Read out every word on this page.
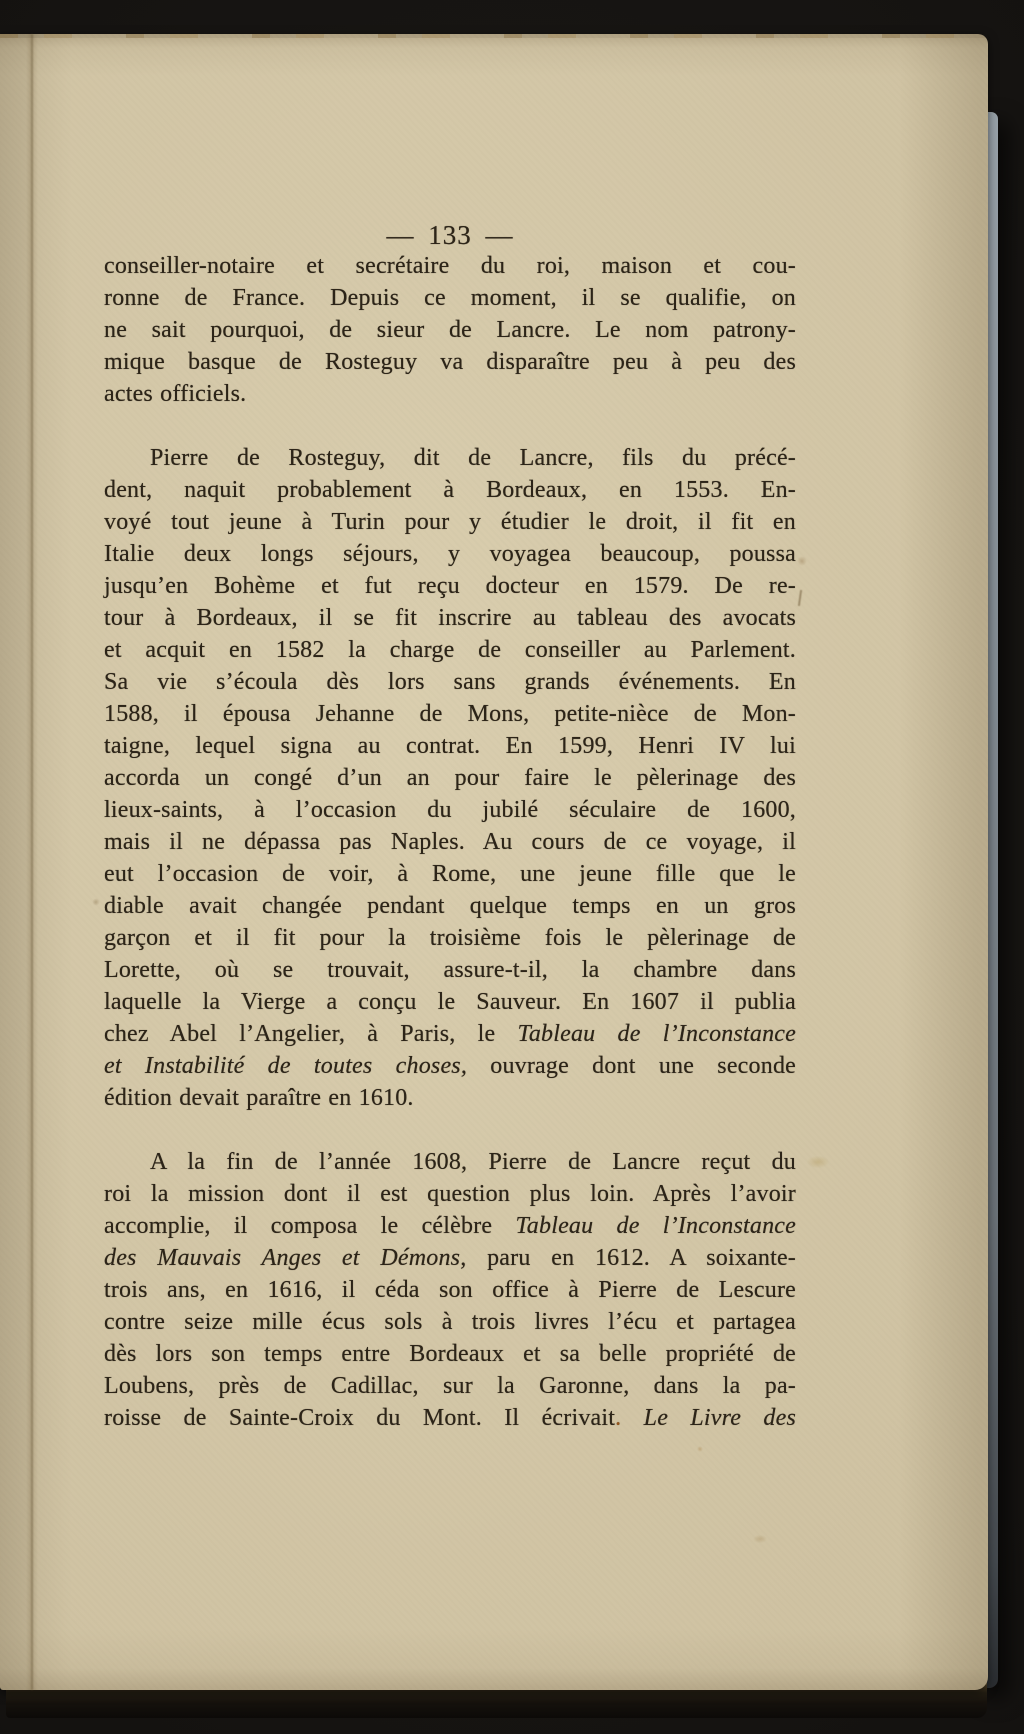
— 133 —
conseiller-notaire et secrétaire du roi, maison et cou-
ronne de France. Depuis ce moment, il se qualifie, on
ne sait pourquoi, de sieur de Lancre. Le nom patrony-
mique basque de Rosteguy va disparaître peu à peu des
actes officiels.
Pierre de Rosteguy, dit de Lancre, fils du précé-
dent, naquit probablement à Bordeaux, en 1553. En-
voyé tout jeune à Turin pour y étudier le droit, il fit en
Italie deux longs séjours, y voyagea beaucoup, poussa
jusqu’en Bohème et fut reçu docteur en 1579. De re-
tour à Bordeaux, il se fit inscrire au tableau des avocats
et acquit en 1582 la charge de conseiller au Parlement.
Sa vie s’écoula dès lors sans grands événements. En
1588, il épousa Jehanne de Mons, petite-nièce de Mon-
taigne, lequel signa au contrat. En 1599, Henri IV lui
accorda un congé d’un an pour faire le pèlerinage des
lieux-saints, à l’occasion du jubilé séculaire de 1600,
mais il ne dépassa pas Naples. Au cours de ce voyage, il
eut l’occasion de voir, à Rome, une jeune fille que le
diable avait changée pendant quelque temps en un gros
garçon et il fit pour la troisième fois le pèlerinage de
Lorette, où se trouvait, assure-t-il, la chambre dans
laquelle la Vierge a conçu le Sauveur. En 1607 il publia
chez Abel l’Angelier, à Paris, le Tableau de l’Inconstance
et Instabilité de toutes choses, ouvrage dont une seconde
édition devait paraître en 1610.
A la fin de l’année 1608, Pierre de Lancre reçut du
roi la mission dont il est question plus loin. Après l’avoir
accomplie, il composa le célèbre Tableau de l’Inconstance
des Mauvais Anges et Démons, paru en 1612. A soixante-
trois ans, en 1616, il céda son office à Pierre de Lescure
contre seize mille écus sols à trois livres l’écu et partagea
dès lors son temps entre Bordeaux et sa belle propriété de
Loubens, près de Cadillac, sur la Garonne, dans la pa-
roisse de Sainte-Croix du Mont. Il écrivait. Le Livre des
